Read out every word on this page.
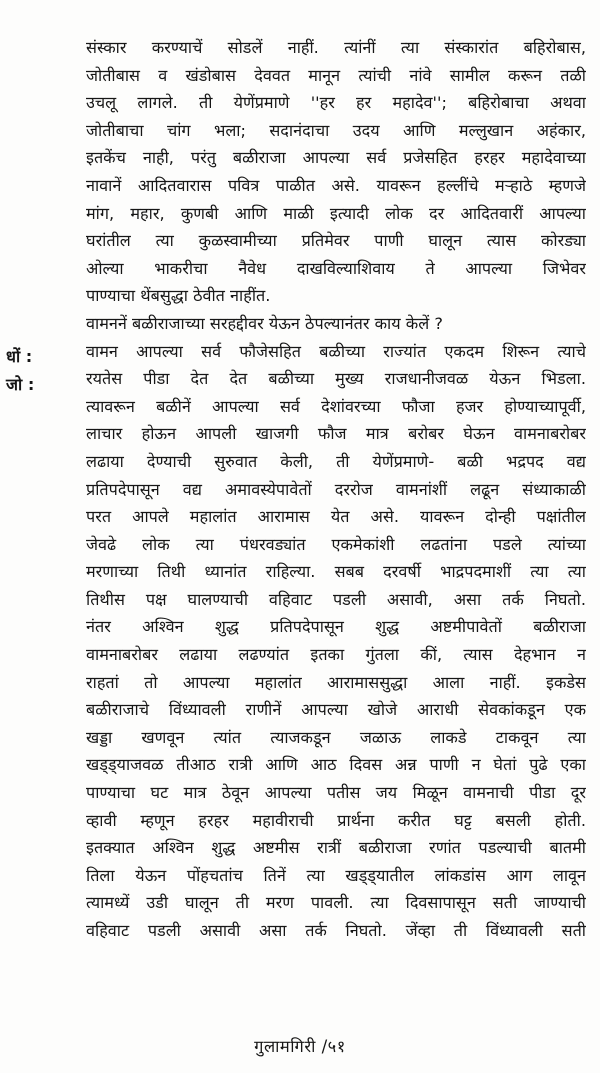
धों :
जो :
संस्कार करण्याचें सोडलें नाहीं. त्यांनीं त्या संस्कारांत बहिरोबास,
जोतीबास व खंडोबास देववत मानून त्यांची नांवे सामील करून तळी
उचलू लागले. ती येणेंप्रमाणे ''हर हर महादेव''; बहिरोबाचा अथवा
जोतीबाचा चांग भला; सदानंदाचा उदय आणि मल्लुखान अहंकार,
इतकेंच नाही, परंतु बळीराजा आपल्या सर्व प्रजेसहित हरहर महादेवाच्या
नावानें आदितवारास पवित्र पाळीत असे. यावरून हल्लींचे मऱ्हाठे म्हणजे
मांग, महार, कुणबी आणि माळी इत्यादी लोक दर आदितवारीं आपल्या
घरांतील त्या कुळस्वामीच्या प्रतिमेवर पाणी घालून त्यास कोरड्या
ओल्या भाकरीचा नैवेध दाखविल्याशिवाय ते आपल्या जिभेवर
पाण्याचा थेंबसुद्धा ठेवीत नाहींत.
वामननें बळीराजाच्या सरहद्दीवर येऊन ठेपल्यानंतर काय केलें ?
वामन आपल्या सर्व फौजेसहित बळीच्या राज्यांत एकदम शिरून त्याचे
रयतेस पीडा देत देत बळीच्या मुख्य राजधानीजवळ येऊन भिडला.
त्यावरून बळीनें आपल्या सर्व देशांवरच्या फौजा हजर होण्याच्यापूर्वी,
लाचार होऊन आपली खाजगी फौज मात्र बरोबर घेऊन वामनाबरोबर
लढाया देण्याची सुरुवात केली, ती येणेंप्रमाणे- बळी भद्रपद वद्य
प्रतिपदेपासून वद्य अमावस्येपावेतों दररोज वामनांशीं लढून संध्याकाळी
परत आपले महालांत आरामास येत असे. यावरून दोन्ही पक्षांतील
जेवढे लोक त्या पंधरवड्यांत एकमेकांशी लढतांना पडले त्यांच्या
मरणाच्या तिथी ध्यानांत राहिल्या. सबब दरवर्षी भाद्रपदमाशीं त्या त्या
तिथीस पक्ष घालण्याची वहिवाट पडली असावी, असा तर्क निघतो.
नंतर अश्विन शुद्ध प्रतिपदेपासून शुद्ध अष्टमीपावेतों बळीराजा
वामनाबरोबर लढाया लढण्यांत इतका गुंतला कीं, त्यास देहभान न
राहतां तो आपल्या महालांत आरामाससुद्धा आला नाहीं. इकडेस
बळीराजाचे विंध्यावली राणीनें आपल्या खोजे आराधी सेवकांकडून एक
खड्डा खणवून त्यांत त्याजकडून जळाऊ लाकडे टाकवून त्या
खड्ड्याजवळ तीआठ रात्री आणि आठ दिवस अन्न पाणी न घेतां पुढे एका
पाण्याचा घट मात्र ठेवून आपल्या पतीस जय मिळून वामनाची पीडा दूर
व्हावी म्हणून हरहर महावीराची प्रार्थना करीत घट्ट बसली होती.
इतक्यात अश्विन शुद्ध अष्टमीस रात्रीं बळीराजा रणांत पडल्याची बातमी
तिला येऊन पोंहचतांच तिनें त्या खड्ड्यातील लांकडांस आग लावून
त्यामध्यें उडी घालून ती मरण पावली. त्या दिवसापासून सती जाण्याची
वहिवाट पडली असावी असा तर्क निघतो. जेंव्हा ती विंध्यावली सती
गुलामगिरी /५१
